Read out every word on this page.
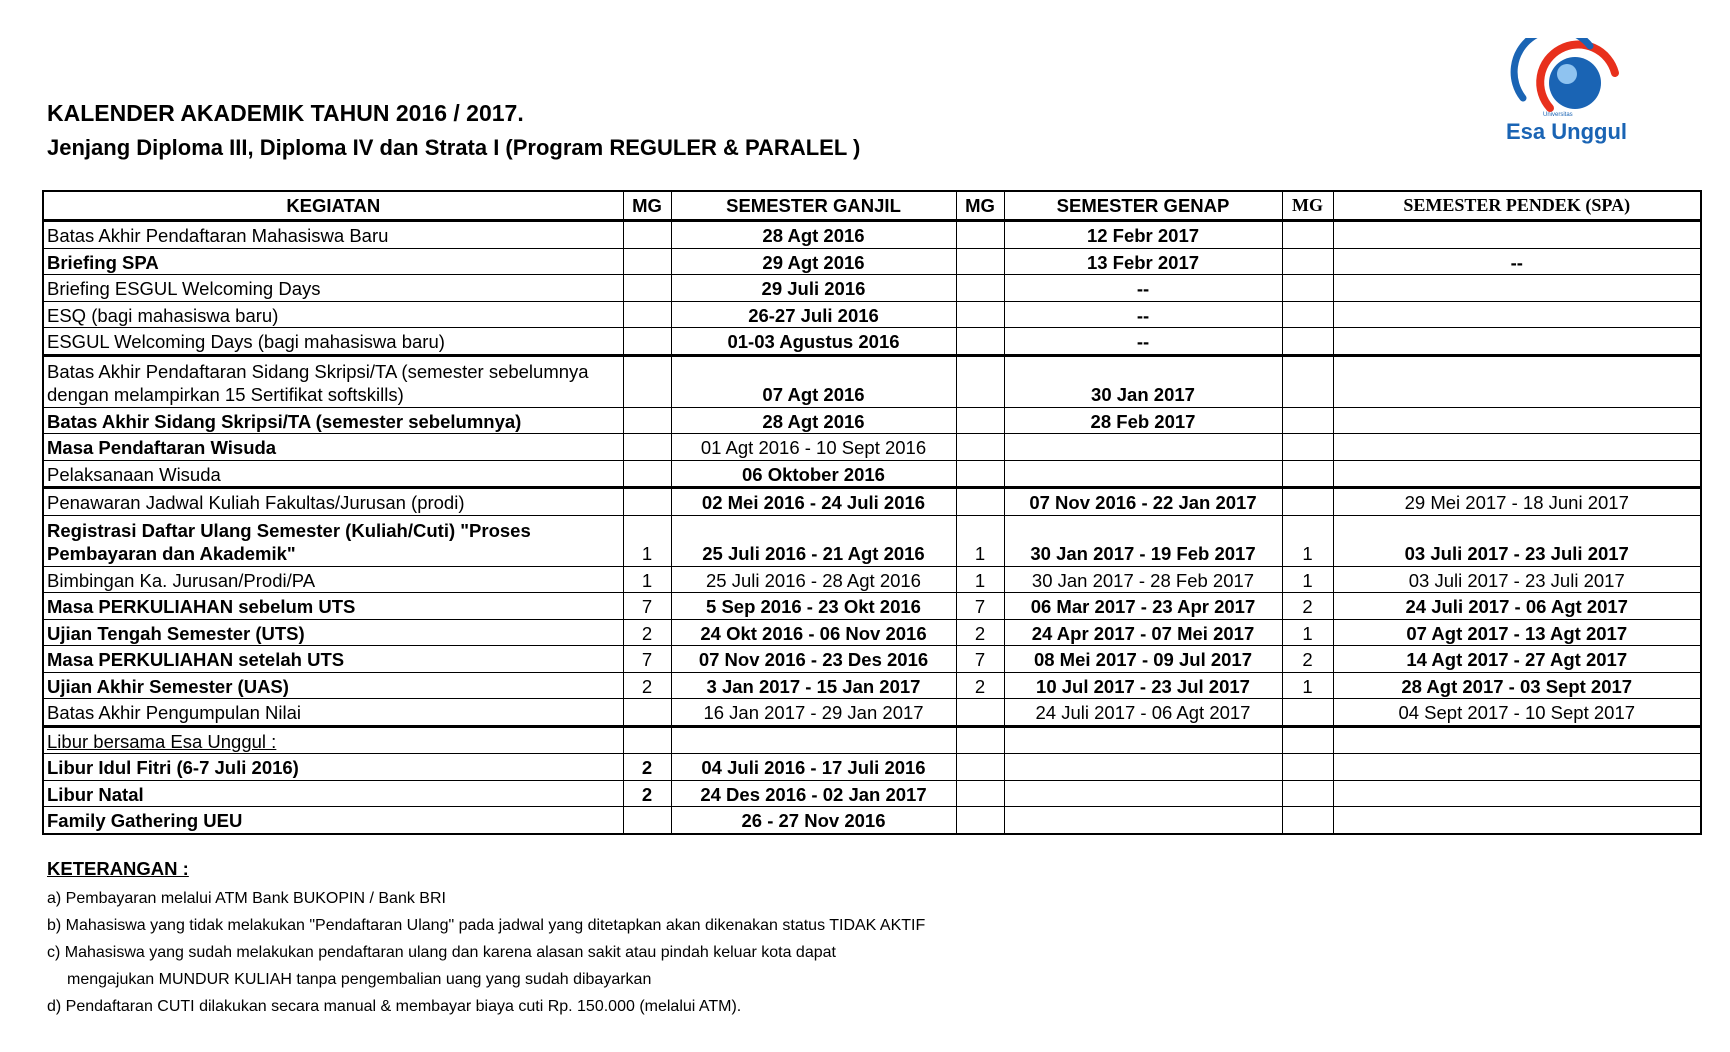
KALENDER AKADEMIK TAHUN 2016 / 2017.
Jenjang Diploma III, Diploma IV dan Strata I (Program REGULER & PARALEL )
Universitas
Esa Unggul
KEGIATAN	MG	SEMESTER GANJIL	MG	SEMESTER GENAP	MG	SEMESTER PENDEK (SPA)
Batas Akhir Pendaftaran Mahasiswa Baru		28 Agt 2016		12 Febr 2017		
Briefing SPA		29 Agt 2016		13 Febr 2017		--
Briefing ESGUL Welcoming Days		29 Juli 2016		--		
ESQ (bagi mahasiswa baru)		26-27 Juli 2016		--		
ESGUL Welcoming Days (bagi mahasiswa baru)		01-03 Agustus 2016		--		
Batas Akhir Pendaftaran Sidang Skripsi/TA (semester sebelumnya dengan melampirkan 15 Sertifikat softskills)		07 Agt 2016		30 Jan 2017		
Batas Akhir Sidang Skripsi/TA (semester sebelumnya)		28 Agt 2016		28 Feb 2017		
Masa Pendaftaran Wisuda		01 Agt 2016 - 10 Sept 2016				
Pelaksanaan Wisuda		06 Oktober 2016				
Penawaran Jadwal Kuliah Fakultas/Jurusan (prodi)		02 Mei 2016 - 24 Juli 2016		07 Nov 2016 - 22 Jan 2017		29 Mei 2017 - 18 Juni 2017
Registrasi Daftar Ulang Semester (Kuliah/Cuti) "Proses Pembayaran dan Akademik"	1	25 Juli 2016 - 21 Agt 2016	1	30 Jan 2017 - 19 Feb 2017	1	03 Juli 2017 - 23 Juli 2017
Bimbingan Ka. Jurusan/Prodi/PA	1	25 Juli 2016 - 28 Agt 2016	1	30 Jan 2017 - 28 Feb 2017	1	03 Juli 2017 - 23 Juli 2017
Masa PERKULIAHAN sebelum UTS	7	5 Sep 2016 - 23 Okt 2016	7	06 Mar 2017 - 23 Apr 2017	2	24 Juli 2017 - 06 Agt 2017
Ujian Tengah Semester (UTS)	2	24 Okt 2016 - 06 Nov 2016	2	24 Apr 2017 - 07 Mei 2017	1	07 Agt 2017 - 13 Agt 2017
Masa PERKULIAHAN setelah UTS	7	07 Nov 2016 - 23 Des 2016	7	08 Mei 2017 - 09 Jul 2017	2	14 Agt 2017 - 27 Agt 2017
Ujian Akhir Semester (UAS)	2	3 Jan 2017 - 15 Jan 2017	2	10 Jul 2017 - 23 Jul 2017	1	28 Agt 2017 - 03 Sept 2017
Batas Akhir Pengumpulan Nilai		16 Jan 2017 - 29 Jan 2017		24 Juli 2017 - 06 Agt 2017		04 Sept 2017 - 10 Sept 2017
Libur bersama Esa Unggul :						
Libur Idul Fitri (6-7 Juli 2016)	2	04 Juli 2016 - 17 Juli 2016				
Libur Natal	2	24 Des 2016 - 02 Jan 2017				
Family Gathering UEU		26 - 27 Nov 2016				
KETERANGAN :
a) Pembayaran melalui ATM Bank BUKOPIN / Bank BRI
b) Mahasiswa yang tidak melakukan "Pendaftaran Ulang" pada jadwal yang ditetapkan akan dikenakan status TIDAK AKTIF
c) Mahasiswa yang sudah melakukan pendaftaran ulang dan karena alasan sakit atau pindah keluar kota dapat
mengajukan MUNDUR KULIAH tanpa pengembalian uang yang sudah dibayarkan
d) Pendaftaran CUTI dilakukan secara manual & membayar biaya cuti Rp. 150.000 (melalui ATM).
